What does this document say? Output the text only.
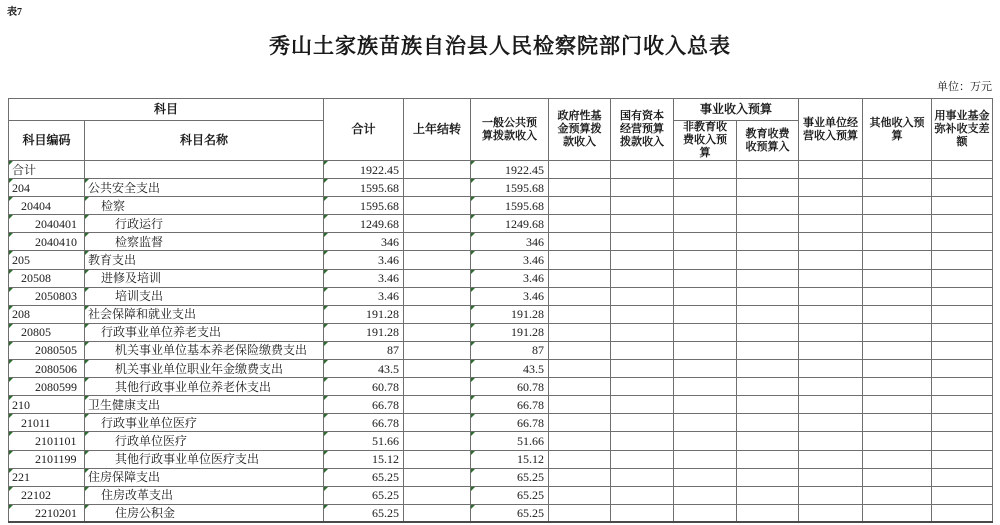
表7
秀山土家族苗族自治县人民检察院部门收入总表
单位：万元
科目		合计	上年结转	一般公共预算拨款收入	政府性基金预算拨款收入	国有资本经营预算拨款收入	事业收入预算		事业单位经营收入预算	其他收入预算	用事业基金弥补收支差额
科目编码	科目名称						非教育收费收入预算	教育收费收预算入			
合计		1922.45		1922.45							
204	公共安全支出	1595.68		1595.68							
20404	检察	1595.68		1595.68							
2040401	行政运行	1249.68		1249.68							
2040410	检察监督	346		346							
205	教育支出	3.46		3.46							
20508	进修及培训	3.46		3.46							
2050803	培训支出	3.46		3.46							
208	社会保障和就业支出	191.28		191.28							
20805	行政事业单位养老支出	191.28		191.28							
2080505	机关事业单位基本养老保险缴费支出	87		87							
2080506	机关事业单位职业年金缴费支出	43.5		43.5							
2080599	其他行政事业单位养老休支出	60.78		60.78							
210	卫生健康支出	66.78		66.78							
21011	行政事业单位医疗	66.78		66.78							
2101101	行政单位医疗	51.66		51.66							
2101199	其他行政事业单位医疗支出	15.12		15.12							
221	住房保障支出	65.25		65.25							
22102	住房改革支出	65.25		65.25							
2210201	住房公积金	65.25		65.25							
